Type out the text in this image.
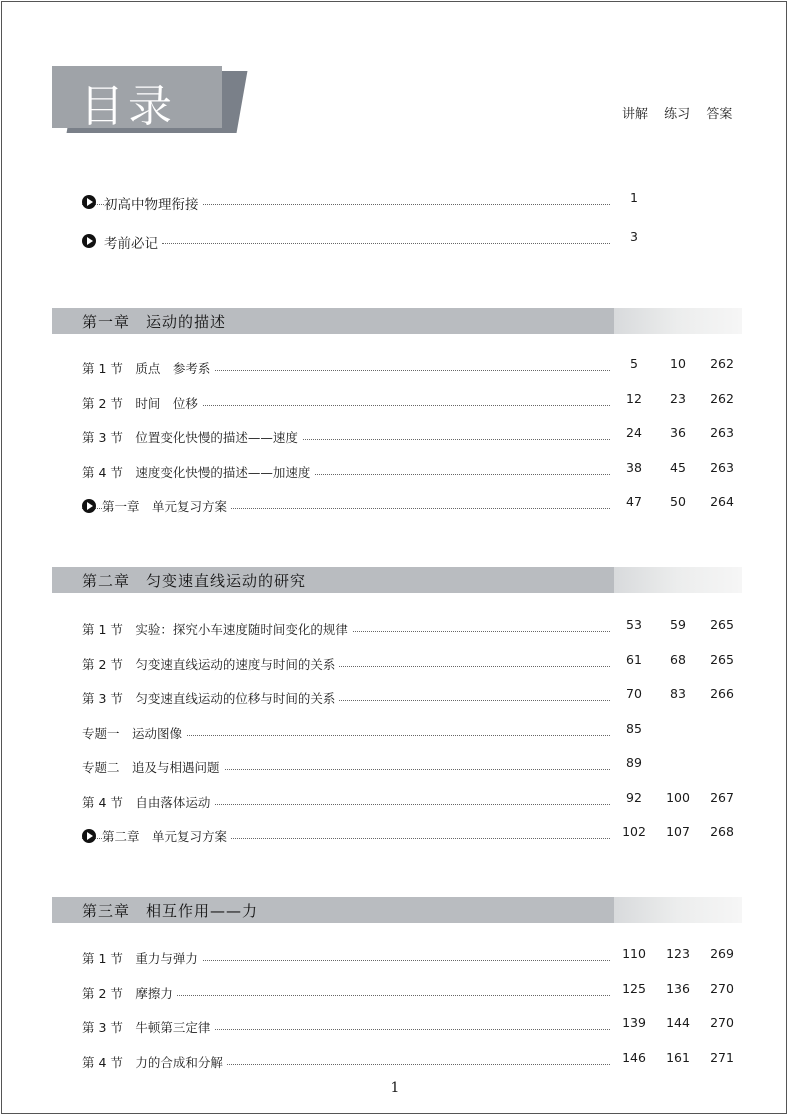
目录	讲解 练习 答案
初高中物理衔接	1
考前必记	3
第一章　运动的描述
第 1 节　质点　参考系	5	10	262
第 2 节　时间　位移	12	23	262
第 3 节　位置变化快慢的描述——速度	24	36	263
第 4 节　速度变化快慢的描述——加速度	38	45	263
第一章　单元复习方案	47	50	264
第二章　匀变速直线运动的研究
第 1 节　实验：探究小车速度随时间变化的规律	53	59	265
第 2 节　匀变速直线运动的速度与时间的关系	61	68	265
第 3 节　匀变速直线运动的位移与时间的关系	70	83	266
专题一　运动图像	85
专题二　追及与相遇问题	89
第 4 节　自由落体运动	92	100	267
第二章　单元复习方案	102	107	268
第三章　相互作用——力
第 1 节　重力与弹力	110	123	269
第 2 节　摩擦力	125	136	270
第 3 节　牛顿第三定律	139	144	270
第 4 节　力的合成和分解	146	161	271
1
